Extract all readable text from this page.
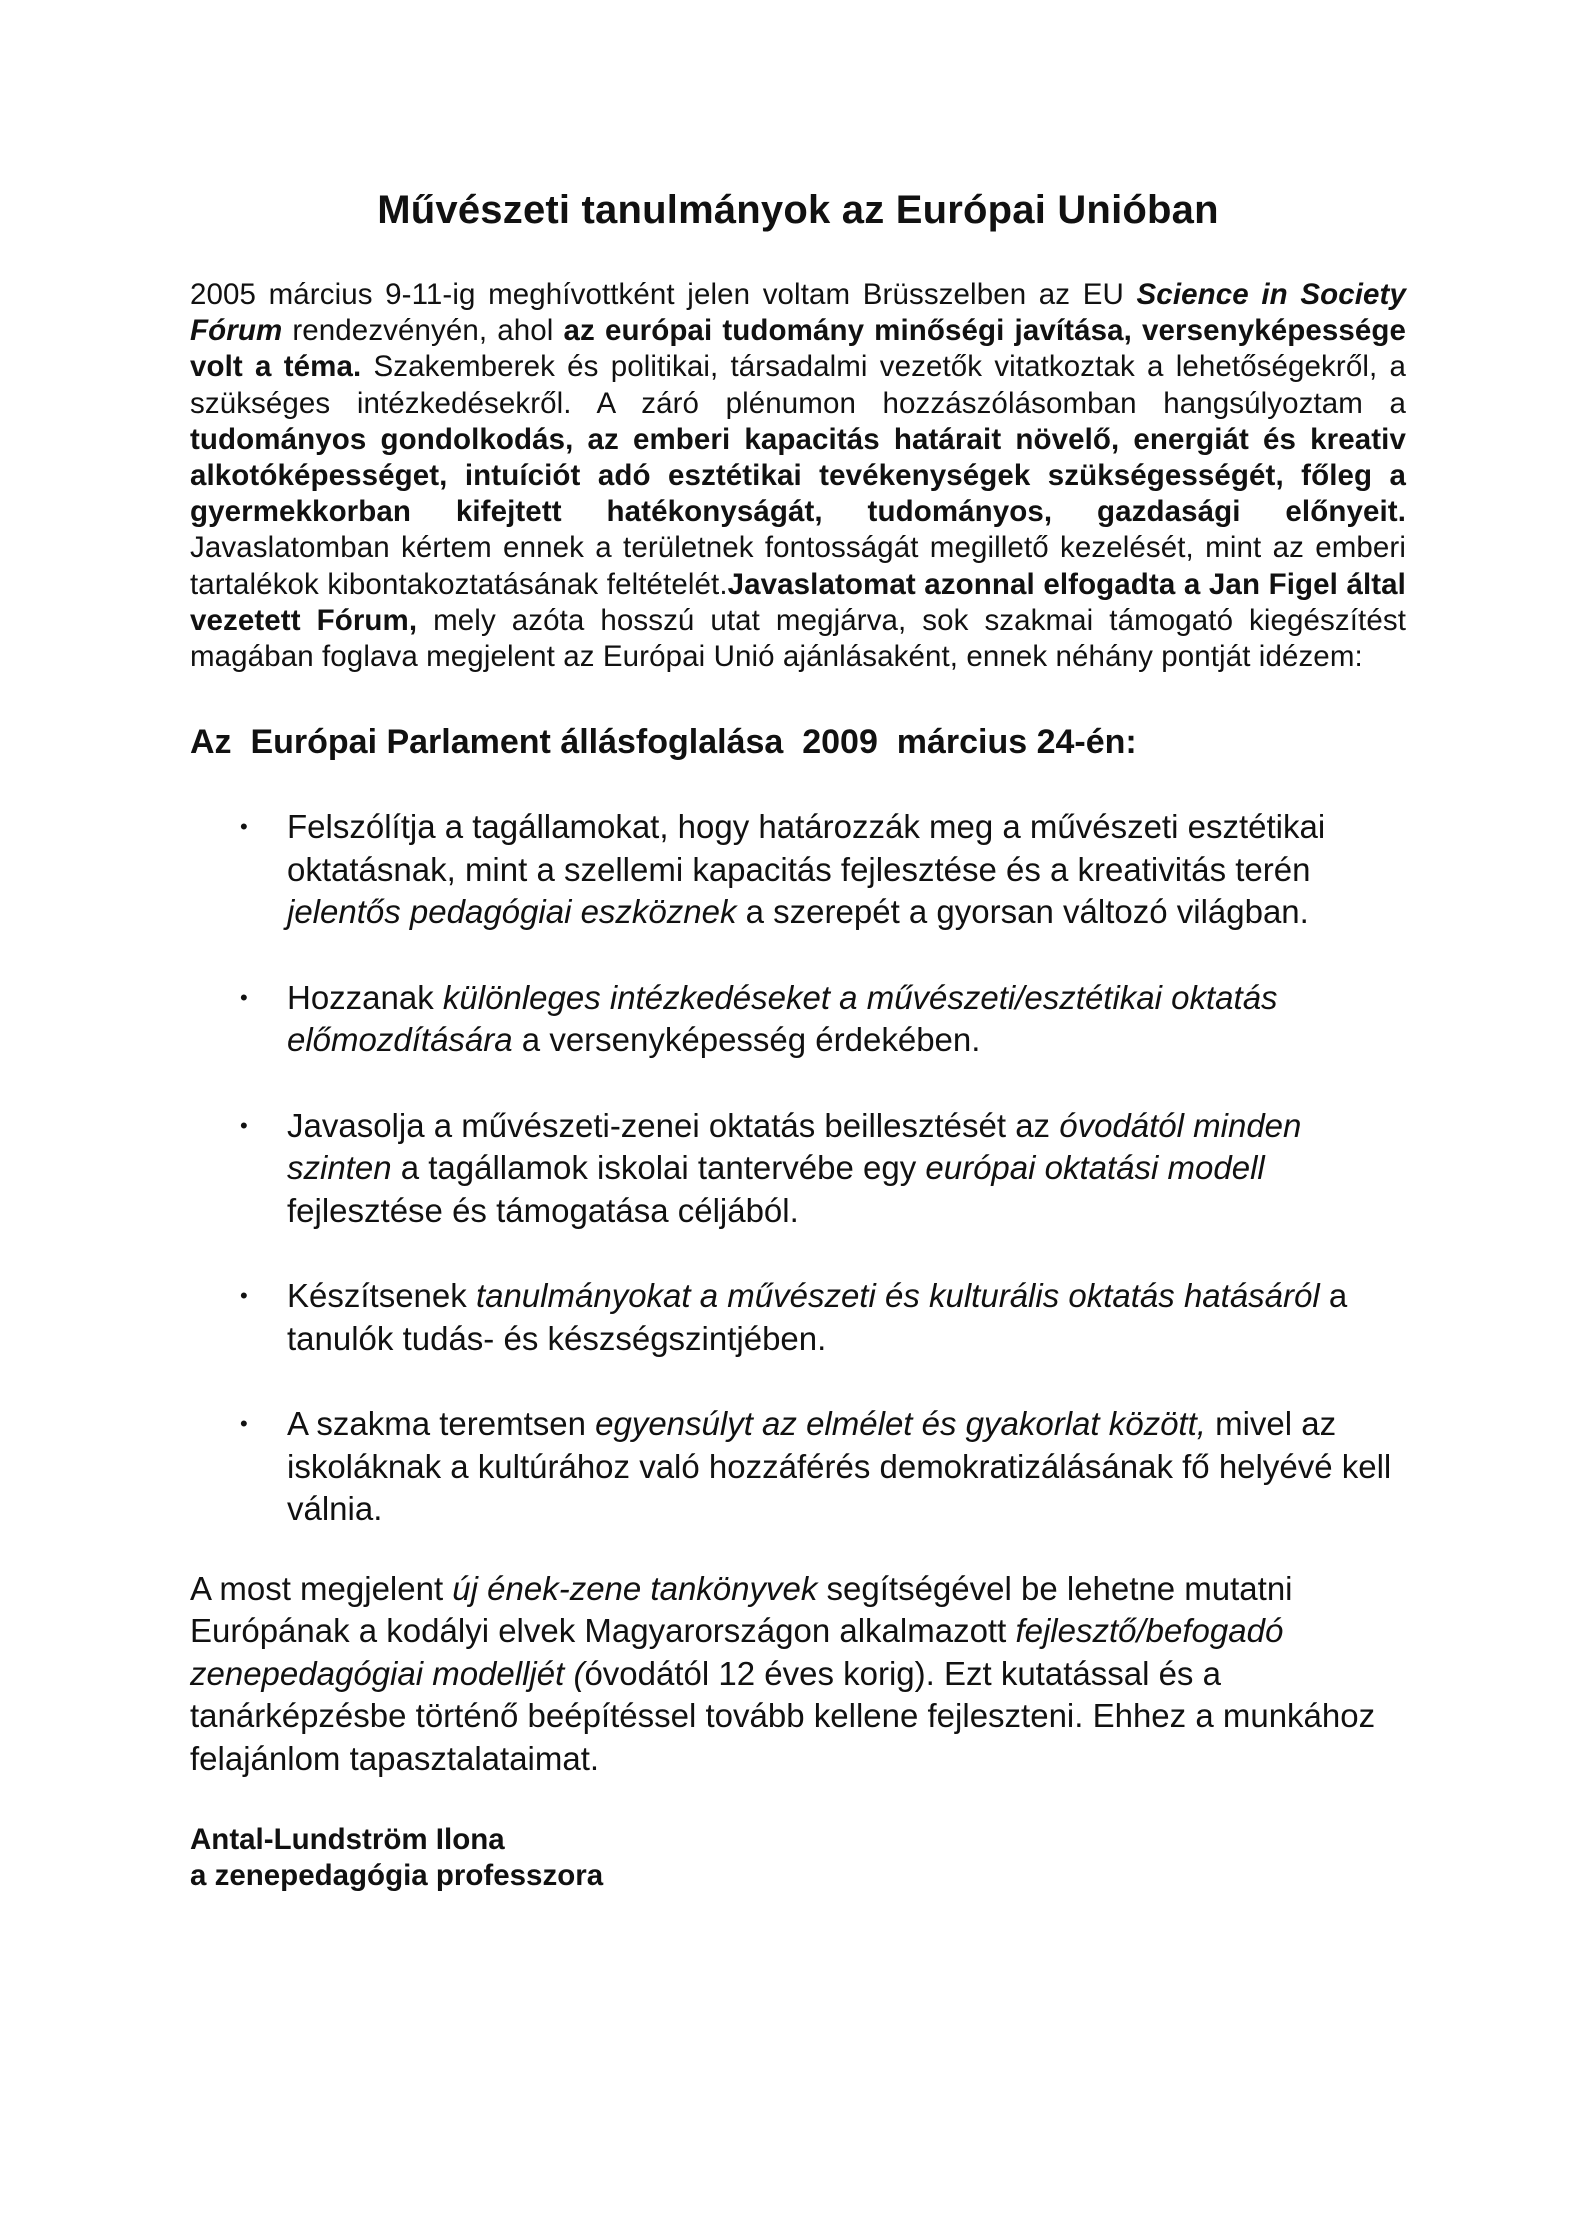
Művészeti tanulmányok az Európai Unióban

2005 március 9-11-ig meghívottként jelen voltam Brüsszelben az EU Science in Society Fórum rendezvényén, ahol az európai tudomány minőségi javítása, versenyképessége volt a téma. Szakemberek és politikai, társadalmi vezetők vitatkoztak a lehetőségekről, a szükséges intézkedésekről. A záró plénumon hozzászólásomban hangsúlyoztam a tudományos gondolkodás, az emberi kapacitás határait növelő, energiát és kreativ alkotóképességet, intuíciót adó esztétikai tevékenységek szükségességét, főleg a gyermekkorban kifejtett hatékonyságát, tudományos, gazdasági előnyeit. Javaslatomban kértem ennek a területnek fontosságát megillető kezelését, mint az emberi tartalékok kibontakoztatásának feltételét.Javaslatomat azonnal elfogadta a Jan Figel által vezetett Fórum, mely azóta hosszú utat megjárva, sok szakmai támogató kiegészítést magában foglava megjelent az Európai Unió ajánlásaként, ennek néhány pontját idézem:

Az  Európai Parlament állásfoglalása  2009  március 24-én:
• Felszólítja a tagállamokat, hogy határozzák meg a művészeti esztétikai oktatásnak, mint a szellemi kapacitás fejlesztése és a kreativitás terén jelentős pedagógiai eszköznek a szerepét a gyorsan változó világban.
• Hozzanak különleges intézkedéseket a művészeti/esztétikai oktatás előmozdítására a versenyképesség érdekében.
• Javasolja a művészeti-zenei oktatás beillesztését az óvodától minden szinten a tagállamok iskolai tantervébe egy európai oktatási modell fejlesztése és támogatása céljából.
• Készítsenek tanulmányokat a művészeti és kulturális oktatás hatásáról a tanulók tudás- és készségszintjében.
• A szakma teremtsen egyensúlyt az elmélet és gyakorlat között, mivel az iskoláknak a kultúrához való hozzáférés demokratizálásának fő helyévé kell válnia.

A most megjelent új ének-zene tankönyvek segítségével be lehetne mutatni Európának a kodályi elvek Magyarországon alkalmazott fejlesztő/befogadó zenepedagógiai modelljét (óvodától 12 éves korig). Ezt kutatással és a tanárképzésbe történő beépítéssel tovább kellene fejleszteni. Ehhez a munkához felajánlom tapasztalataimat.

Antal-Lundström Ilona
a zenepedagógia professzora
